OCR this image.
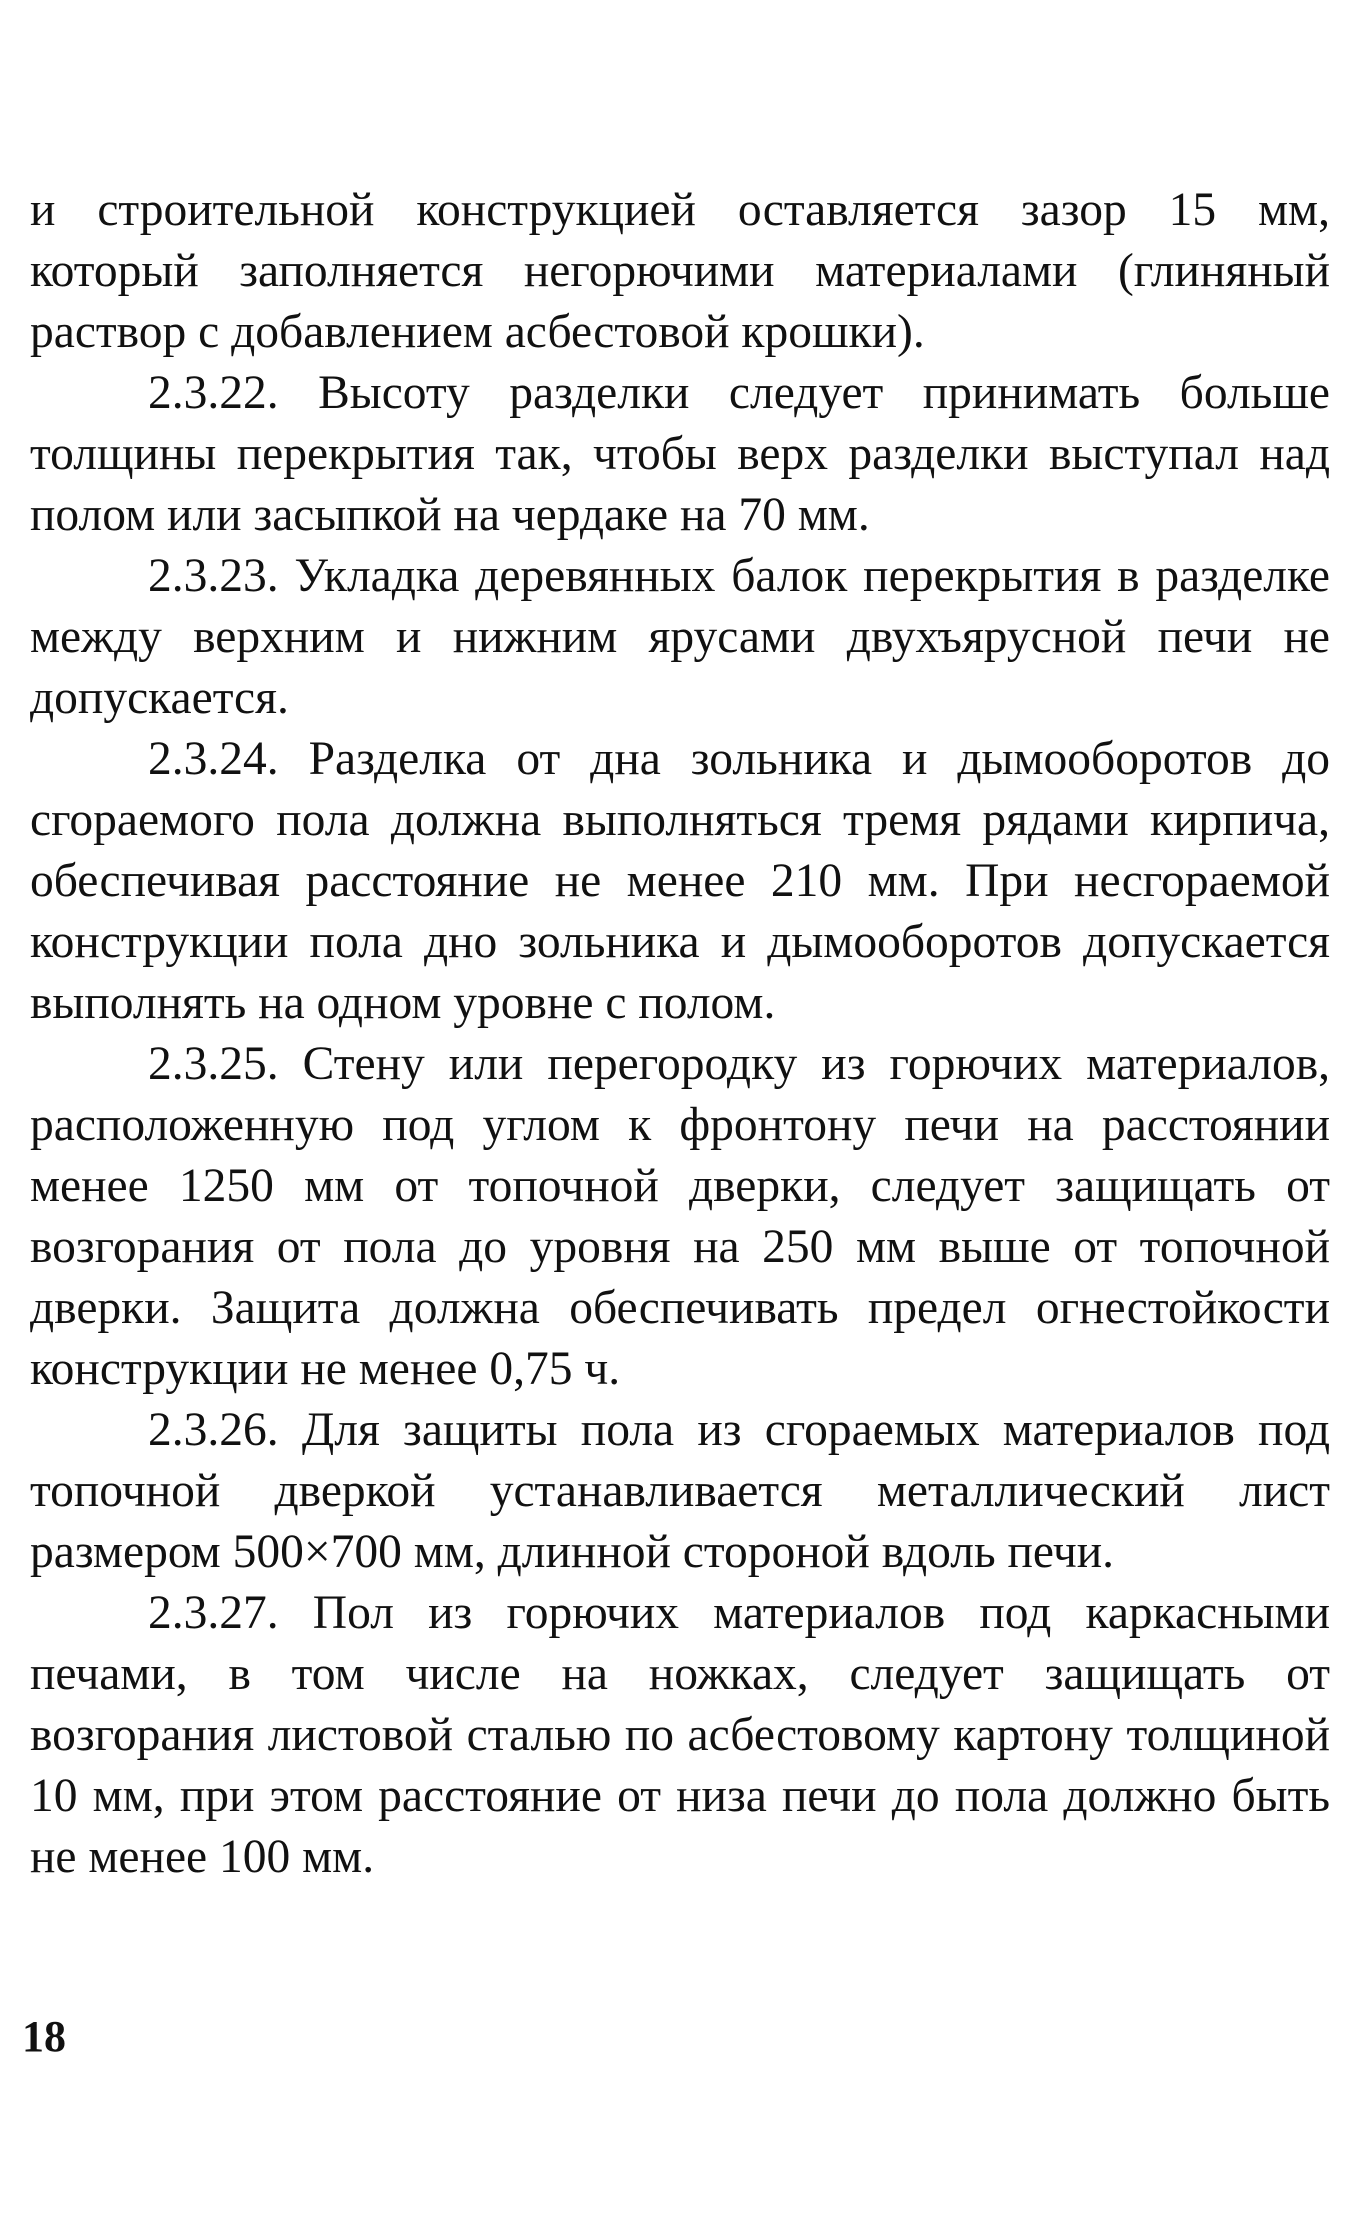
и строительной конструкцией оставляется зазор 15 мм, который заполняется негорючими материалами (глиняный раствор с добавлением асбестовой крошки).

2.3.22. Высоту разделки следует принимать больше толщины перекрытия так, чтобы верх разделки выступал над полом или засыпкой на чердаке на 70 мм.

2.3.23. Укладка деревянных балок перекрытия в разделке между верхним и нижним ярусами двухъярусной печи не допускается.

2.3.24. Разделка от дна зольника и дымооборотов до сгораемого пола должна выполняться тремя рядами кирпича, обеспечивая расстояние не менее 210 мм. При несгораемой конструкции пола дно зольника и дымооборотов допускается выполнять на одном уровне с полом.

2.3.25. Стену или перегородку из горючих материалов, расположенную под углом к фронтону печи на расстоянии менее 1250 мм от топочной дверки, следует защищать от возгорания от пола до уровня на 250 мм выше от топочной дверки. Защита должна обеспечивать предел огнестойкости конструкции не менее 0,75 ч.

2.3.26. Для защиты пола из сгораемых материалов под топочной дверкой устанавливается металлический лист размером 500×700 мм, длинной стороной вдоль печи.

2.3.27. Пол из горючих материалов под каркасными печами, в том числе на ножках, следует защищать от возгорания листовой сталью по асбестовому картону толщиной 10 мм, при этом расстояние от низа печи до пола должно быть не менее 100 мм.

18
